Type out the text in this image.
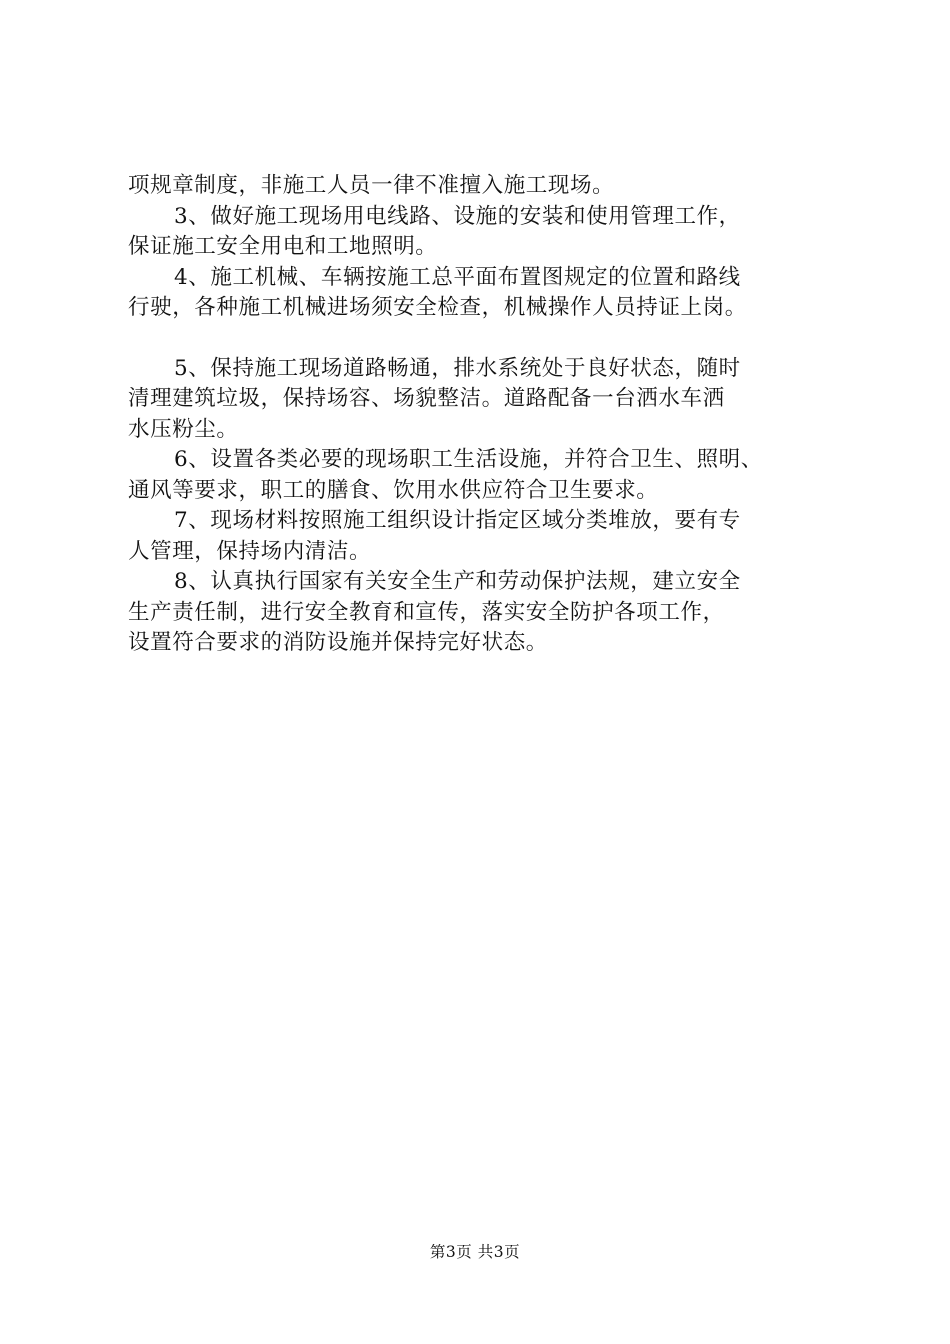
项规章制度，非施工人员一律不准擅入施工现场。
3、做好施工现场用电线路、设施的安装和使用管理工作，
保证施工安全用电和工地照明。
4、施工机械、车辆按施工总平面布置图规定的位置和路线
行驶，各种施工机械进场须安全检查，机械操作人员持证上岗。
5、保持施工现场道路畅通，排水系统处于良好状态，随时
清理建筑垃圾，保持场容、场貌整洁。道路配备一台洒水车洒
水压粉尘。
6、设置各类必要的现场职工生活设施，并符合卫生、照明、
通风等要求，职工的膳食、饮用水供应符合卫生要求。
7、现场材料按照施工组织设计指定区域分类堆放，要有专
人管理，保持场内清洁。
8、认真执行国家有关安全生产和劳动保护法规，建立安全
生产责任制，进行安全教育和宣传，落实安全防护各项工作，
设置符合要求的消防设施并保持完好状态。
第3页 共3页
